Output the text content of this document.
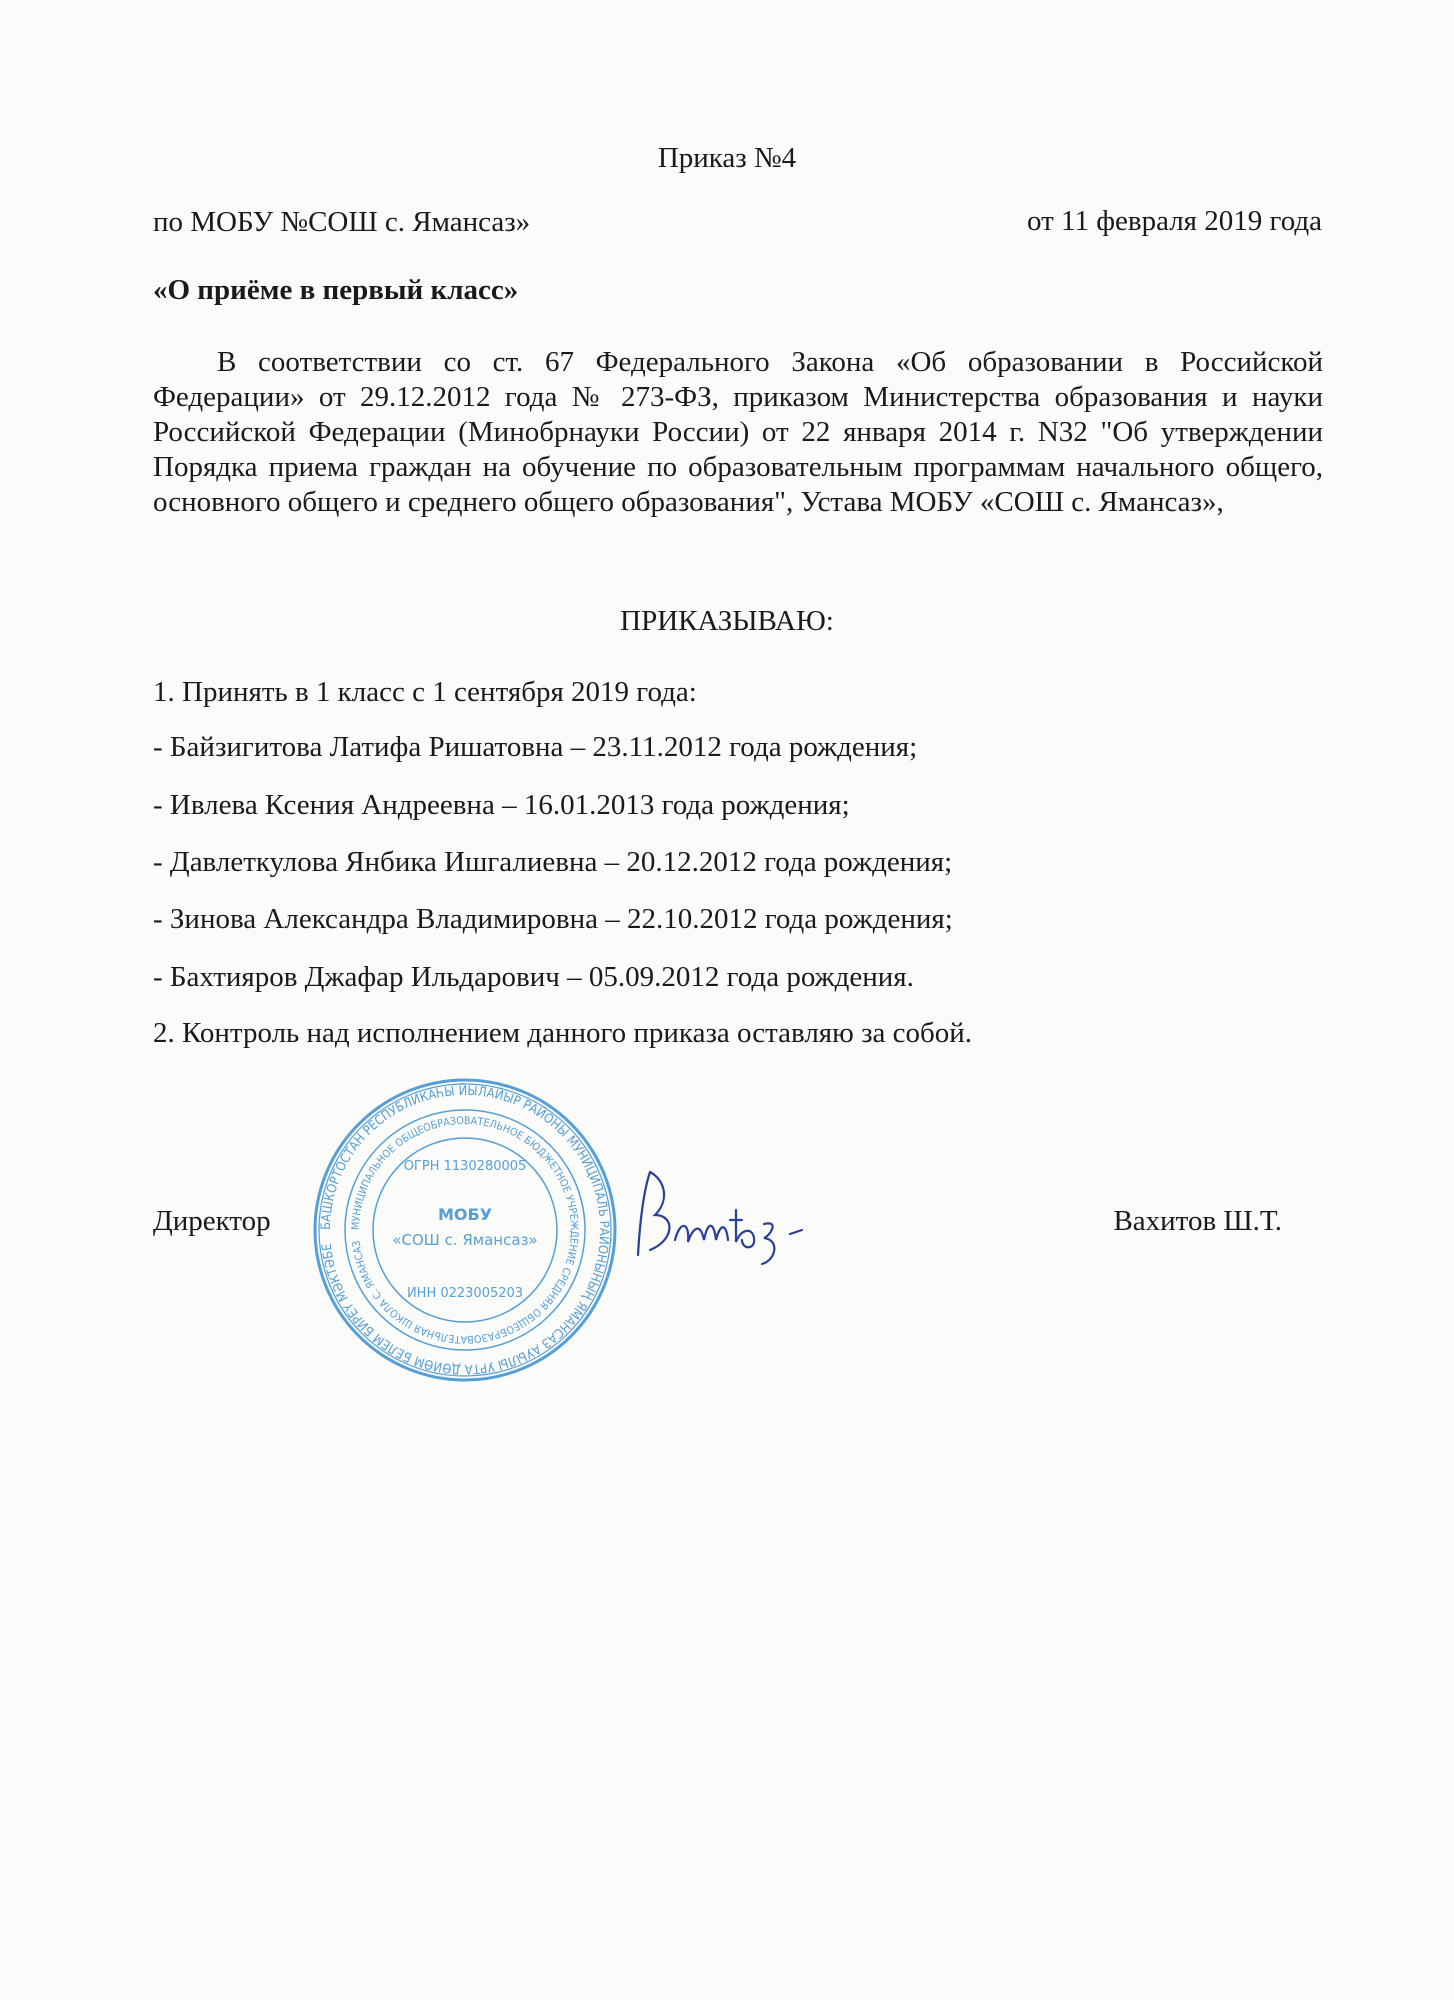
Приказ №4
по МОБУ №СОШ с. Ямансаз»	от 11 февраля 2019 года
«О приёме в первый класс»
В соответствии со ст. 67 Федерального Закона «Об образовании в Российской Федерации» от 29.12.2012 года № 273-ФЗ, приказом Министерства образования и науки Российской Федерации (Минобрнауки России) от 22 января 2014 г. N32 "Об утверждении Порядка приема граждан на обучение по образовательным программам начального общего, основного общего и среднего общего образования", Устава МОБУ «СОШ с. Ямансаз»,
ПРИКАЗЫВАЮ:
1. Принять в 1 класс с 1 сентября 2019 года:
- Байзигитова Латифа Ришатовна – 23.11.2012 года рождения;
- Ивлева Ксения Андреевна – 16.01.2013 года рождения;
- Давлеткулова Янбика Ишгалиевна – 20.12.2012 года рождения;
- Зинова Александра Владимировна – 22.10.2012 года рождения;
- Бахтияров Джафар Ильдарович – 05.09.2012 года рождения.
2. Контроль над исполнением данного приказа оставляю за собой.
Директор	Вахитов Ш.Т.
БАШКОРТОСТАН РЕСПУБЛИКАҺЫ ЙЫЛАЙЫР РАЙОНЫ МУНИЦИПАЛЬ РАЙОНЫНЫҢ ЯМАНСАЗ АУЫЛЫ УРТА ДӨЙӨМ БЕЛЕМ БИРЕҮ МӘКТӘБЕ
МУНИЦИПАЛЬНОЕ ОБЩЕОБРАЗОВАТЕЛЬНОЕ БЮДЖЕТНОЕ УЧРЕЖДЕНИЕ СРЕДНЯЯ ОБЩЕОБРАЗОВАТЕЛЬНАЯ ШКОЛА С. ЯМАНСАЗ
ОГРН 1130280005
ИНН 0223005203
МОБУ
«СОШ с. Ямансаз»
